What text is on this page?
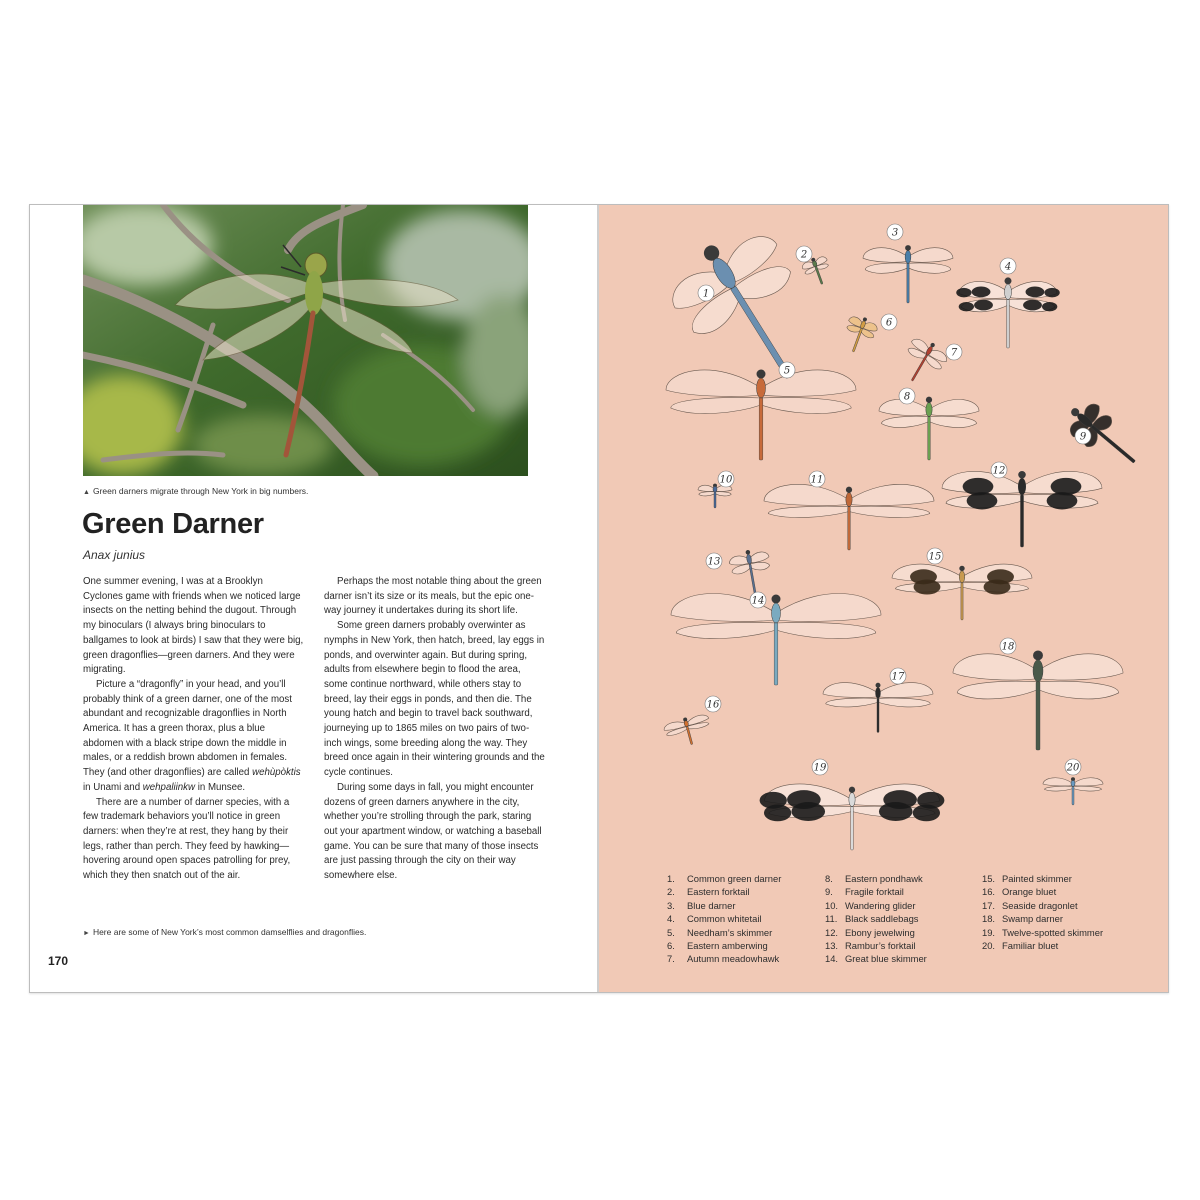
▲ Green darners migrate through New York in big numbers.
Green Darner
Anax junius

One summer evening, I was at a Brooklyn Cyclones game with friends when we noticed large insects on the netting behind the dugout. Through my binoculars (I always bring binoculars to ballgames to look at birds) I saw that they were big, green dragonflies—green darners. And they were migrating.

Picture a “dragonfly” in your head, and you’ll probably think of a green darner, one of the most abundant and recognizable dragonflies in North America. It has a green thorax, plus a blue abdomen with a black stripe down the middle in males, or a reddish brown abdomen in females. They (and other dragonflies) are called wehùpòktis in Unami and wehpaliinkw in Munsee.

There are a number of darner species, with a few trademark behaviors you’ll notice in green darners: when they’re at rest, they hang by their legs, rather than perch. They feed by hawking—hovering around open spaces patrolling for prey, which they then snatch out of the air.

Perhaps the most notable thing about the green darner isn’t its size or its meals, but the epic one-way journey it undertakes during its short life.

Some green darners probably overwinter as nymphs in New York, then hatch, breed, lay eggs in ponds, and overwinter again. But during spring, adults from elsewhere begin to flood the area, some continue northward, while others stay to breed, lay their eggs in ponds, and then die. The young hatch and begin to travel back southward, journeying up to 1865 miles on two pairs of two-inch wings, some breeding along the way. They breed once again in their wintering grounds and the cycle continues.

During some days in fall, you might encounter dozens of green darners anywhere in the city, whether you’re strolling through the park, staring out your apartment window, or watching a baseball game. You can be sure that many of those insects are just passing through the city on their way somewhere else.

► Here are some of New York’s most common damselflies and dragonflies.
170
1
2
3
4
5
6
7
8
9
10	11
12
13
14
15
16
17
18
19	20
1.	Common green darner
2.	Eastern forktail
3.	Blue darner
4.	Common whitetail
5.	Needham’s skimmer
6.	Eastern amberwing
7.	Autumn meadowhawk
8.	Eastern pondhawk
9.	Fragile forktail
10. Wandering glider
11. Black saddlebags
12. Ebony jewelwing
13. Rambur’s forktail
14. Great blue skimmer
15. Painted skimmer
16. Orange bluet
17. Seaside dragonlet
18. Swamp darner
19. Twelve-spotted skimmer
20. Familiar bluet
